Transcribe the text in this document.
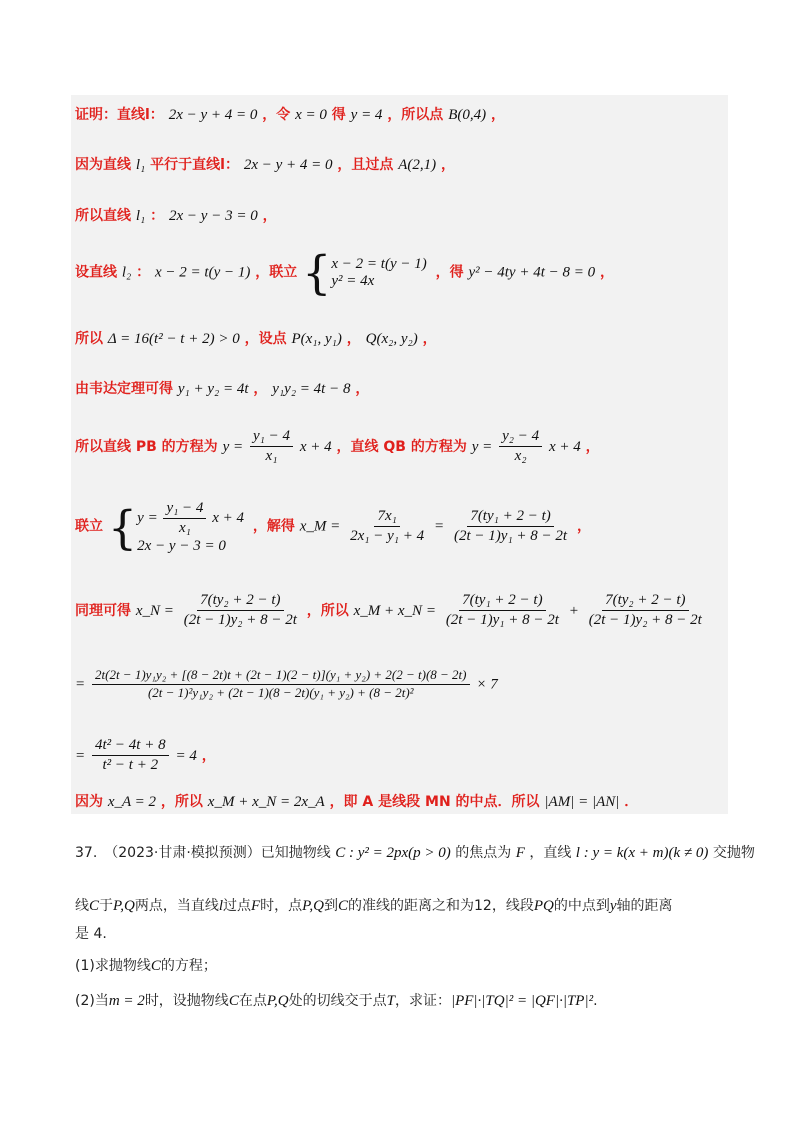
证明：直线l： 2x − y + 4 = 0 ，令 x = 0 得 y = 4 ，所以点 B(0,4) ，
因为直线 l₁ 平行于直线l： 2x − y + 4 = 0 ，且过点 A(2,1) ，
所以直线 l₁ ： 2x − y − 3 = 0 ，
设直线 l₂ ： x − 2 = t(y − 1) ，联立 { x − 2 = t(y − 1)
y² = 4x
，得 y² − 4ty + 4t − 8 = 0 ，
所以 Δ = 16(t² − t + 2) > 0 ，设点 P(x₁, y₁) ， Q(x₂, y₂) ，
由韦达定理可得 y₁ + y₂ = 4t ， y₁y₂ = 4t − 8 ，
所以直线 PB 的方程为 $y = \frac{\text{y₁ − 4}}{\text{x₁}}$ x + 4 ，直线 QB 的方程为 $y = \frac{\text{y₂ − 4}}{\text{x₂}}$ x + 4 ，
联立 { $y = \frac{\text{y₁ − 4}}{\text{x₁}}$ x + 4
2x − y − 3 = 0
，解得 x_M = $\frac{\text{7x₁}}{\text{2x₁ − y₁ + 4}} = \frac{\text{7(ty₁ + 2 − t)}}{\text{(2t − 1)y₁ + 8 − 2t}}$ ，
同理可得 x_N = $\frac{\text{7(ty₂ + 2 − t)}}{\text{(2t − 1)y₂ + 8 − 2t}}$ ，所以 x_M + x_N = $\frac{\text{7(ty₁ + 2 − t)}}{\text{(2t − 1)y₁ + 8 − 2t}} + \frac{\text{7(ty₂ + 2 − t)}}{\text{(2t − 1)y₂ + 8 − 2t}}$
=
2t(2t − 1)y₁y₂ + [(8 − 2t)t + (2t − 1)(2 − t)](y₁ + y₂) + 2(2 − t)(8 − 2t)
(2t − 1)²y₁y₂ + (2t − 1)(8 − 2t)(y₁ + y₂) + (8 − 2t)²	× 7
= $\frac{\text{4t² − 4t + 8}}{\text{t² − t + 2}} = 4$ ，
因为 x_A = 2 ，所以 x_M + x_N = 2x_A ，即 A 是线段 MN 的中点．所以 |AM| = |AN| ．
37.　（2023·甘肃·模拟预测）已知抛物线 C : y² = 2px(p > 0) 的焦点为 F ，直线 l : y = k(x + m)(k ≠ 0) 交抛物
线C于P,Q两点，当直线l过点F时，点P,Q到C的准线的距离之和为12，线段PQ的中点到y轴的距离
是 4.
(1)求抛物线C的方程；
(2)当m = 2时，设抛物线C在点P,Q处的切线交于点T，求证：|PF|·|TQ|² = |QF|·|TP|².
